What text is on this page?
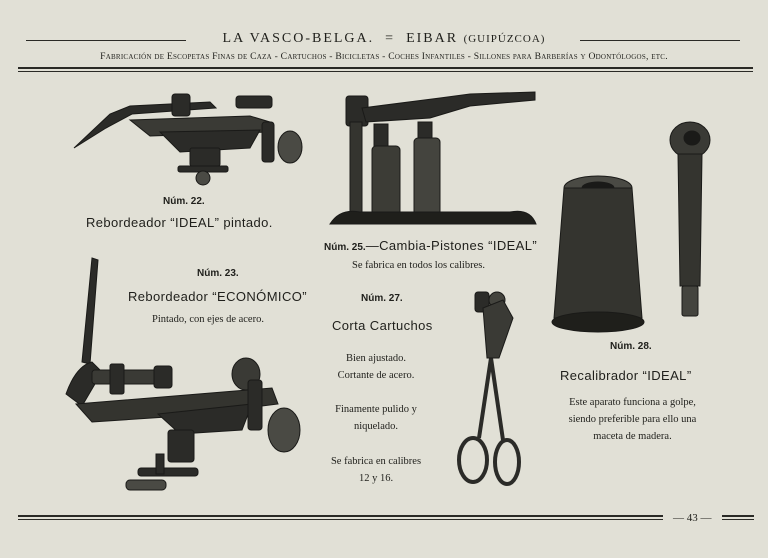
LA VASCO-BELGA. = EIBAR (GUIPÚZCOA)
Fabricación de Escopetas Finas de Caza - Cartuchos - Bicicletas - Coches Infantiles - Sillones para Barberías y Odontólogos, etc.
Núm. 22.
Rebordeador “IDEAL” pintado.
Núm. 25.—Cambia-Pistones “IDEAL”
Se fabrica en todos los calibres.
Núm. 23.
Rebordeador “ECONÓMICO”
Pintado, con ejes de acero.
Núm. 27.
Corta Cartuchos
Bien ajustado.
Cortante de acero.
Finamente pulido y
niquelado.
Se fabrica en calibres
12 y 16.
Núm. 28.
Recalibrador “IDEAL”
Este aparato funciona a golpe,
siendo preferible para ello una
maceta de madera.
— 43 —
